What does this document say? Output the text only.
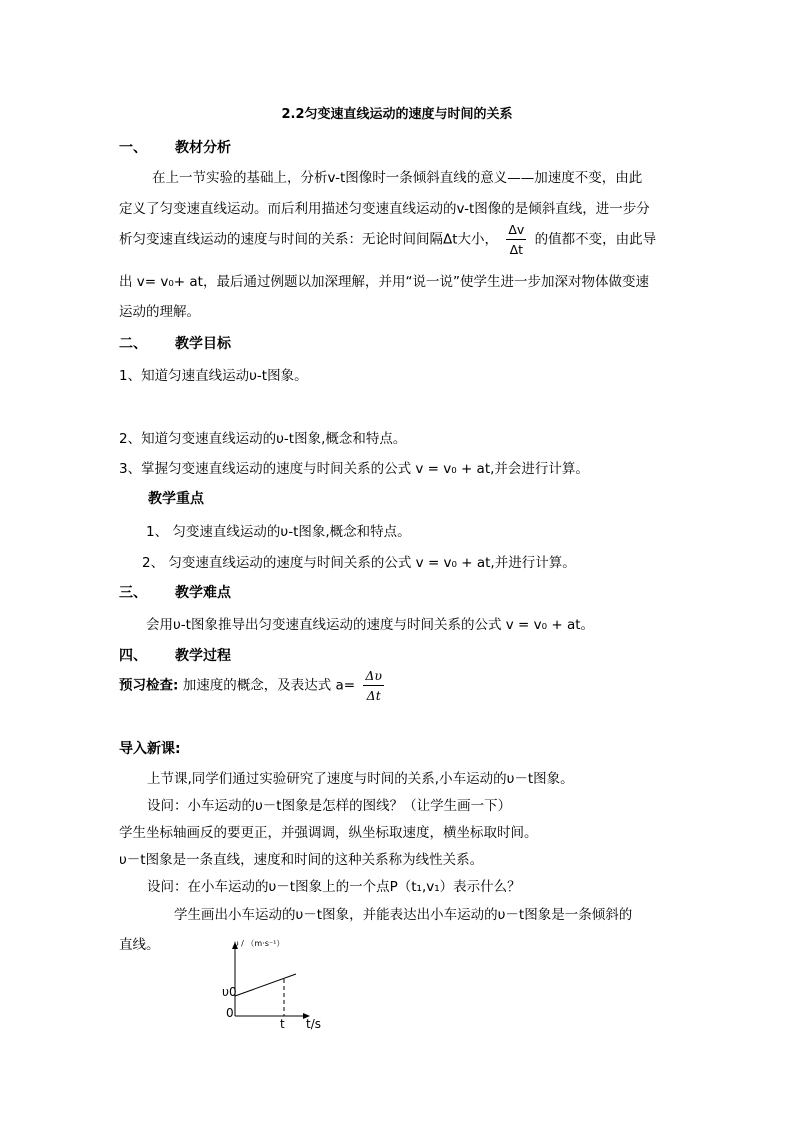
2.2匀变速直线运动的速度与时间的关系
一、 教材分析
在上一节实验的基础上，分析v-t图像时一条倾斜直线的意义——加速度不变，由此
定义了匀变速直线运动。而后利用描述匀变速直线运动的v-t图像的是倾斜直线，进一步分
析匀变速直线运动的速度与时间的关系：无论时间间隔Δt大小， $\frac{\Delta v}{\Delta t}$ 的值都不变，由此导
出 v= v₀+ at，最后通过例题以加深理解，并用“说一说”使学生进一步加深对物体做变速
运动的理解。
二、 教学目标
1、知道匀速直线运动υ-t图象。
2、知道匀变速直线运动的υ-t图象,概念和特点。
3、掌握匀变速直线运动的速度与时间关系的公式 v = v₀ + at,并会进行计算。
教学重点
1、 匀变速直线运动的υ-t图象,概念和特点。
2、 匀变速直线运动的速度与时间关系的公式 v = v₀ + at,并进行计算。
三、 教学难点
会用υ-t图象推导出匀变速直线运动的速度与时间关系的公式 v = v₀ + at。
四、 教学过程
预习检查: 加速度的概念，及表达式 $a= \frac{\Delta\upsilon}{\Delta t}$
导入新课:
上节课,同学们通过实验研究了速度与时间的关系,小车运动的υ－t图象。
设问：小车运动的υ－t图象是怎样的图线？（让学生画一下）
学生坐标轴画反的要更正，并强调调，纵坐标取速度，横坐标取时间。
υ－t图象是一条直线，速度和时间的这种关系称为线性关系。
设问：在小车运动的υ－t图象上的一个点P（t₁,v₁）表示什么？
学生画出小车运动的υ－t图象，并能表达出小车运动的υ－t图象是一条倾斜的
直线。	υ / （m·s⁻¹）
υ0
0
t t/s
